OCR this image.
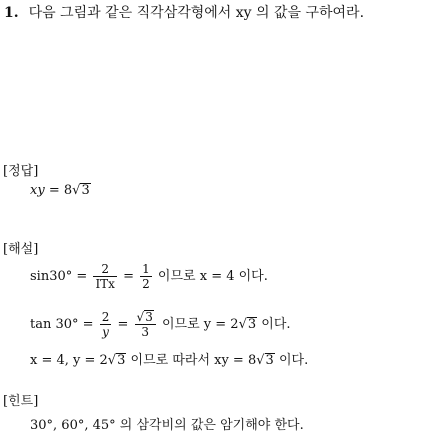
1. 다음 그림과 같은 직각삼각형에서 xy 의 값을 구하여라.
[정답]
xy = 8√3
[해설]
$\sin 30^\circ = \frac{2}{\text{ITx}} = \frac{1}{2}$ 이므로 x = 4 이다.
$\tan 30^\circ = \frac{2}{y} = \frac{√3}{3}$ 이므로 y = 2√3 이다.
x = 4, y = 2√3 이므로 따라서 xy = 8√3 이다.
[힌트]
30°, 60°, 45° 의 삼각비의 값은 암기해야 한다.
